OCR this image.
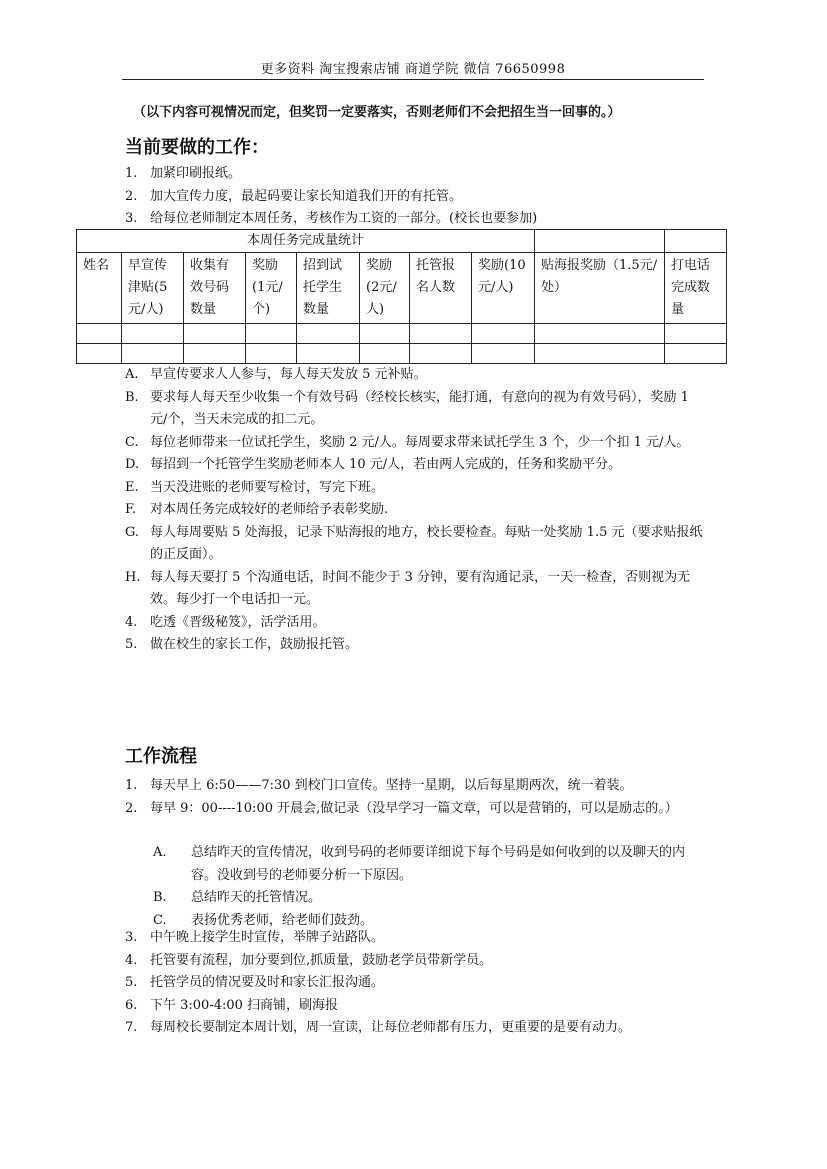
更多资料 淘宝搜索店铺 商道学院 微信 76650998
（以下内容可视情况而定，但奖罚一定要落实，否则老师们不会把招生当一回事的。）
当前要做的工作：
1. 加紧印刷报纸。
2. 加大宣传力度，最起码要让家长知道我们开的有托管。
3. 给每位老师制定本周任务，考核作为工资的一部分。(校长也要参加)
本周任务完成量统计									
姓名	早宣传津贴(5元/人)	收集有效号码数量	奖励(1元/个)	招到试托学生数量	奖励(2元/人)	托管报名人数	奖励(10元/人)	贴海报奖励（1.5元/处）	打电话完成数量

A. 早宣传要求人人参与，每人每天发放 5 元补贴。
B. 要求每人每天至少收集一个有效号码（经校长核实，能打通，有意向的视为有效号码），奖励 1 元/个，当天未完成的扣二元。
C. 每位老师带来一位试托学生，奖励 2 元/人。每周要求带来试托学生 3 个，少一个扣 1 元/人。
D. 每招到一个托管学生奖励老师本人 10 元/人，若由两人完成的，任务和奖励平分。
E. 当天没进账的老师要写检讨，写完下班。
F.	对本周任务完成较好的老师给予表彰奖励.
G. 每人每周要贴 5 处海报，记录下贴海报的地方，校长要检查。每贴一处奖励 1.5 元（要求贴报纸的正反面）。
H. 每人每天要打 5 个沟通电话，时间不能少于 3 分钟，要有沟通记录，一天一检查，否则视为无效。每少打一个电话扣一元。
4. 吃透《晋级秘笈》，活学活用。
5. 做在校生的家长工作，鼓励报托管。
工作流程
1. 每天早上 6:50——7:30 到校门口宣传。坚持一星期，以后每星期两次，统一着装。
2. 每早 9：00----10:00 开晨会,做记录（没早学习一篇文章，可以是营销的，可以是励志的。）
A.	总结昨天的宣传情况，收到号码的老师要详细说下每个号码是如何收到的以及聊天的内容。没收到号的老师要分析一下原因。
B.	总结昨天的托管情况。
C.	表扬优秀老师，给老师们鼓劲。
3. 中午晚上接学生时宣传，举牌子站路队。
4. 托管要有流程，加分要到位,抓质量，鼓励老学员带新学员。
5. 托管学员的情况要及时和家长汇报沟通。
6. 下午 3:00-4:00 扫商铺，刷海报
7. 每周校长要制定本周计划，周一宣读，让每位老师都有压力，更重要的是要有动力。
